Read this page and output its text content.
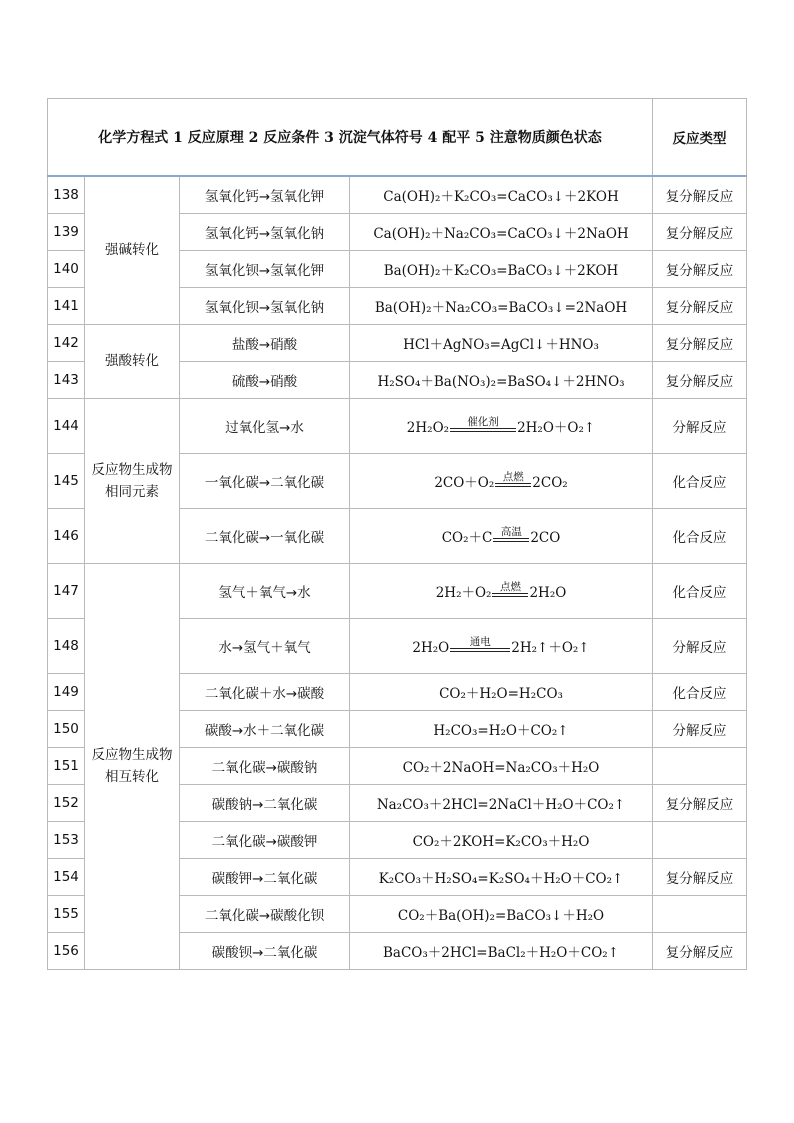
化学方程式 1 反应原理 2 反应条件 3 沉淀气体符号 4 配平 5 注意物质颜色状态				反应类型
138	强碱转化	氢氧化钙→氢氧化钾	Ca(OH)₂＋K₂CO₃=CaCO₃↓＋2KOH	复分解反应
139		氢氧化钙→氢氧化钠	Ca(OH)₂＋Na₂CO₃=CaCO₃↓＋2NaOH	复分解反应
140		氢氧化钡→氢氧化钾	Ba(OH)₂＋K₂CO₃=BaCO₃↓＋2KOH	复分解反应
141		氢氧化钡→氢氧化钠	Ba(OH)₂＋Na₂CO₃=BaCO₃↓=2NaOH	复分解反应
142	强酸转化	盐酸→硝酸	HCl＋AgNO₃=AgCl↓＋HNO₃	复分解反应
143		硫酸→硝酸	H₂SO₄＋Ba(NO₃)₂=BaSO₄↓＋2HNO₃	复分解反应
144	反应物生成物相同元素	过氧化氢→水	2H₂O₂ 催化剂 2H₂O＋O₂↑	分解反应
145		一氧化碳→二氧化碳	2CO＋O₂ 点燃 2CO₂	化合反应
146		二氧化碳→一氧化碳	CO₂＋C 高温 2CO	化合反应
147	反应物生成物相互转化	氢气＋氧气→水	2H₂＋O₂ 点燃 2H₂O	化合反应
148		水→氢气＋氧气	2H₂O 通电 2H₂↑＋O₂↑	分解反应
149		二氧化碳＋水→碳酸	CO₂＋H₂O=H₂CO₃	化合反应
150		碳酸→水＋二氧化碳	H₂CO₃=H₂O＋CO₂↑	分解反应
151		二氧化碳→碳酸钠	CO₂＋2NaOH=Na₂CO₃＋H₂O	
152		碳酸钠→二氧化碳	Na₂CO₃＋2HCl=2NaCl＋H₂O＋CO₂↑	复分解反应
153		二氧化碳→碳酸钾	CO₂＋2KOH=K₂CO₃＋H₂O	
154		碳酸钾→二氧化碳	K₂CO₃＋H₂SO₄=K₂SO₄＋H₂O＋CO₂↑	复分解反应
155		二氧化碳→碳酸化钡	CO₂＋Ba(OH)₂=BaCO₃↓＋H₂O	
156		碳酸钡→二氧化碳	BaCO₃＋2HCl=BaCl₂＋H₂O＋CO₂↑	复分解反应
